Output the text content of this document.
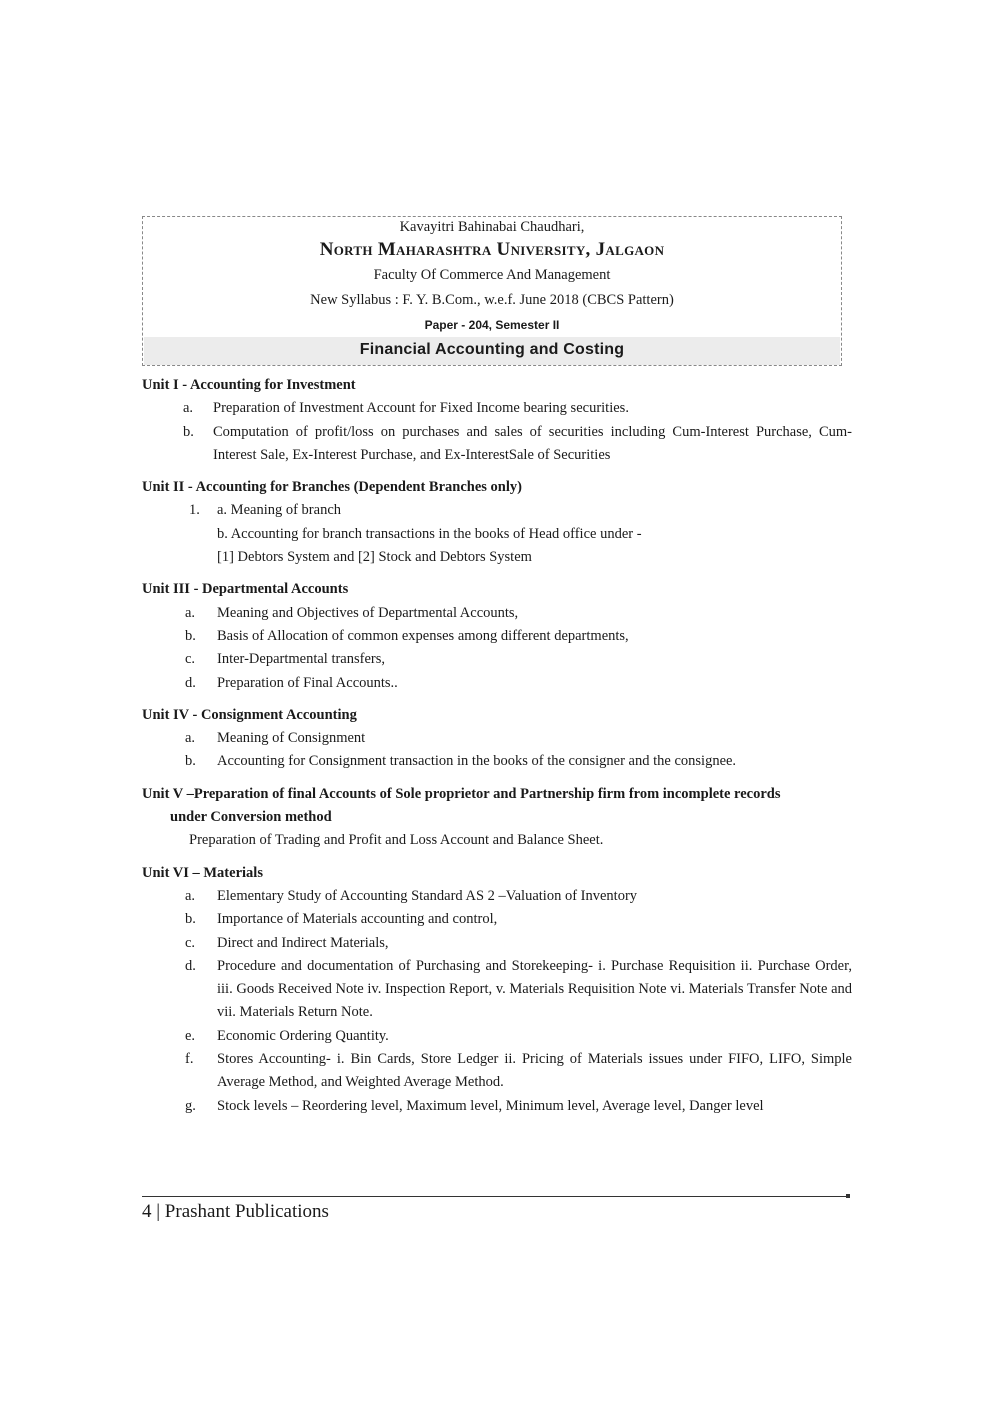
Kavayitri Bahinabai Chaudhari,
North Maharashtra University, Jalgaon
Faculty Of Commerce And Management
New Syllabus : F. Y. B.Com., w.e.f. June 2018 (CBCS Pattern)
Paper - 204, Semester II
Financial Accounting and Costing
Unit I - Accounting for Investment
a. Preparation of Investment Account for Fixed Income bearing securities.
b. Computation of profit/loss on purchases and sales of securities including Cum-Interest Purchase, Cum-Interest Sale, Ex-Interest Purchase, and Ex-InterestSale of Securities
Unit II - Accounting for Branches (Dependent Branches only)
1. a. Meaning of branch
b. Accounting for branch transactions in the books of Head office under -
[1] Debtors System and [2] Stock and Debtors System
Unit III - Departmental Accounts
a. Meaning and Objectives of Departmental Accounts,
b. Basis of Allocation of common expenses among different departments,
c. Inter-Departmental transfers,
d. Preparation of Final Accounts..
Unit IV - Consignment Accounting
a. Meaning of Consignment
b. Accounting for Consignment transaction in the books of the consigner and the consignee.
Unit V –Preparation of final Accounts of Sole proprietor and Partnership firm from incomplete records
under Conversion method
Preparation of Trading and Profit and Loss Account and Balance Sheet.
Unit VI – Materials
a. Elementary Study of Accounting Standard AS 2 –Valuation of Inventory
b. Importance of Materials accounting and control,
c. Direct and Indirect Materials,
d. Procedure and documentation of Purchasing and Storekeeping- i. Purchase Requisition ii. Purchase Order, iii. Goods Received Note iv. Inspection Report, v. Materials Requisition Note vi. Materials Transfer Note and vii. Materials Return Note.
e. Economic Ordering Quantity.
f. Stores Accounting- i. Bin Cards, Store Ledger ii. Pricing of Materials issues under FIFO, LIFO, Simple Average Method, and Weighted Average Method.
g. Stock levels – Reordering level, Maximum level, Minimum level, Average level, Danger level
4 | Prashant Publications
